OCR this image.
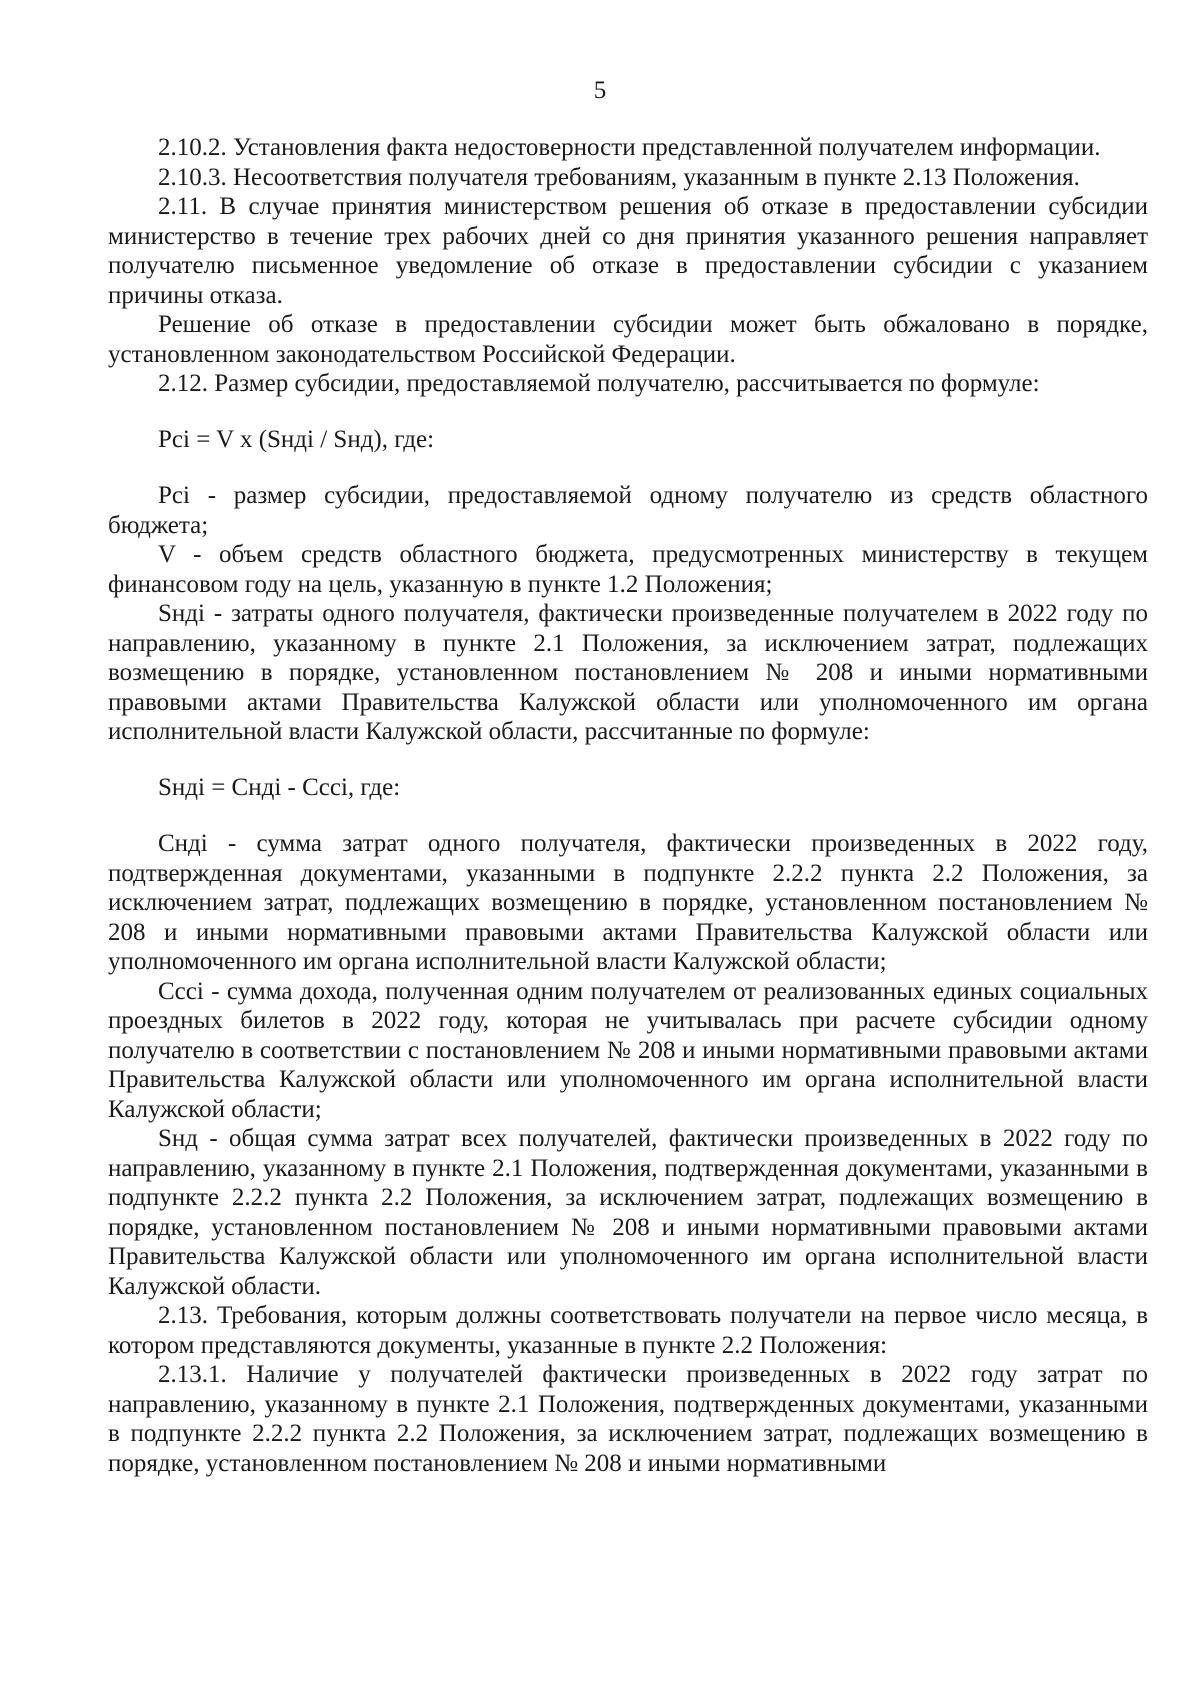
5

2.10.2. Установления факта недостоверности представленной получателем информации.

2.10.3. Несоответствия получателя требованиям, указанным в пункте 2.13 Положения.

2.11. В случае принятия министерством решения об отказе в предоставлении субсидии министерство в течение трех рабочих дней со дня принятия указанного решения направляет получателю письменное уведомление об отказе в предоставлении субсидии с указанием причины отказа.

Решение об отказе в предоставлении субсидии может быть обжаловано в порядке, установленном законодательством Российской Федерации.

2.12. Размер субсидии, предоставляемой получателю, рассчитывается по формуле:

Pci = V x (Sндi / Sнд), где:

Pci - размер субсидии, предоставляемой одному получателю из средств областного бюджета;

V - объем средств областного бюджета, предусмотренных министерству в текущем финансовом году на цель, указанную в пункте 1.2 Положения;

Sндi - затраты одного получателя, фактически произведенные получателем в 2022 году по направлению, указанному в пункте 2.1 Положения, за исключением затрат, подлежащих возмещению в порядке, установленном постановлением № 208 и иными нормативными правовыми актами Правительства Калужской области или уполномоченного им органа исполнительной власти Калужской области, рассчитанные по формуле:

Sндi = Cндi - Cccі, где:

Cндi - сумма затрат одного получателя, фактически произведенных в 2022 году, подтвержденная документами, указанными в подпункте 2.2.2 пункта 2.2 Положения, за исключением затрат, подлежащих возмещению в порядке, установленном постановлением № 208 и иными нормативными правовыми актами Правительства Калужской области или уполномоченного им органа исполнительной власти Калужской области;

Cccі - сумма дохода, полученная одним получателем от реализованных единых социальных проездных билетов в 2022 году, которая не учитывалась при расчете субсидии одному получателю в соответствии с постановлением № 208 и иными нормативными правовыми актами Правительства Калужской области или уполномоченного им органа исполнительной власти Калужской области;

Sнд - общая сумма затрат всех получателей, фактически произведенных в 2022 году по направлению, указанному в пункте 2.1 Положения, подтвержденная документами, указанными в подпункте 2.2.2 пункта 2.2 Положения, за исключением затрат, подлежащих возмещению в порядке, установленном постановлением № 208 и иными нормативными правовыми актами Правительства Калужской области или уполномоченного им органа исполнительной власти Калужской области.

2.13. Требования, которым должны соответствовать получатели на первое число месяца, в котором представляются документы, указанные в пункте 2.2 Положения:

2.13.1. Наличие у получателей фактически произведенных в 2022 году затрат по направлению, указанному в пункте 2.1 Положения, подтвержденных документами, указанными в подпункте 2.2.2 пункта 2.2 Положения, за исключением затрат, подлежащих возмещению в порядке, установленном постановлением № 208 и иными нормативными
